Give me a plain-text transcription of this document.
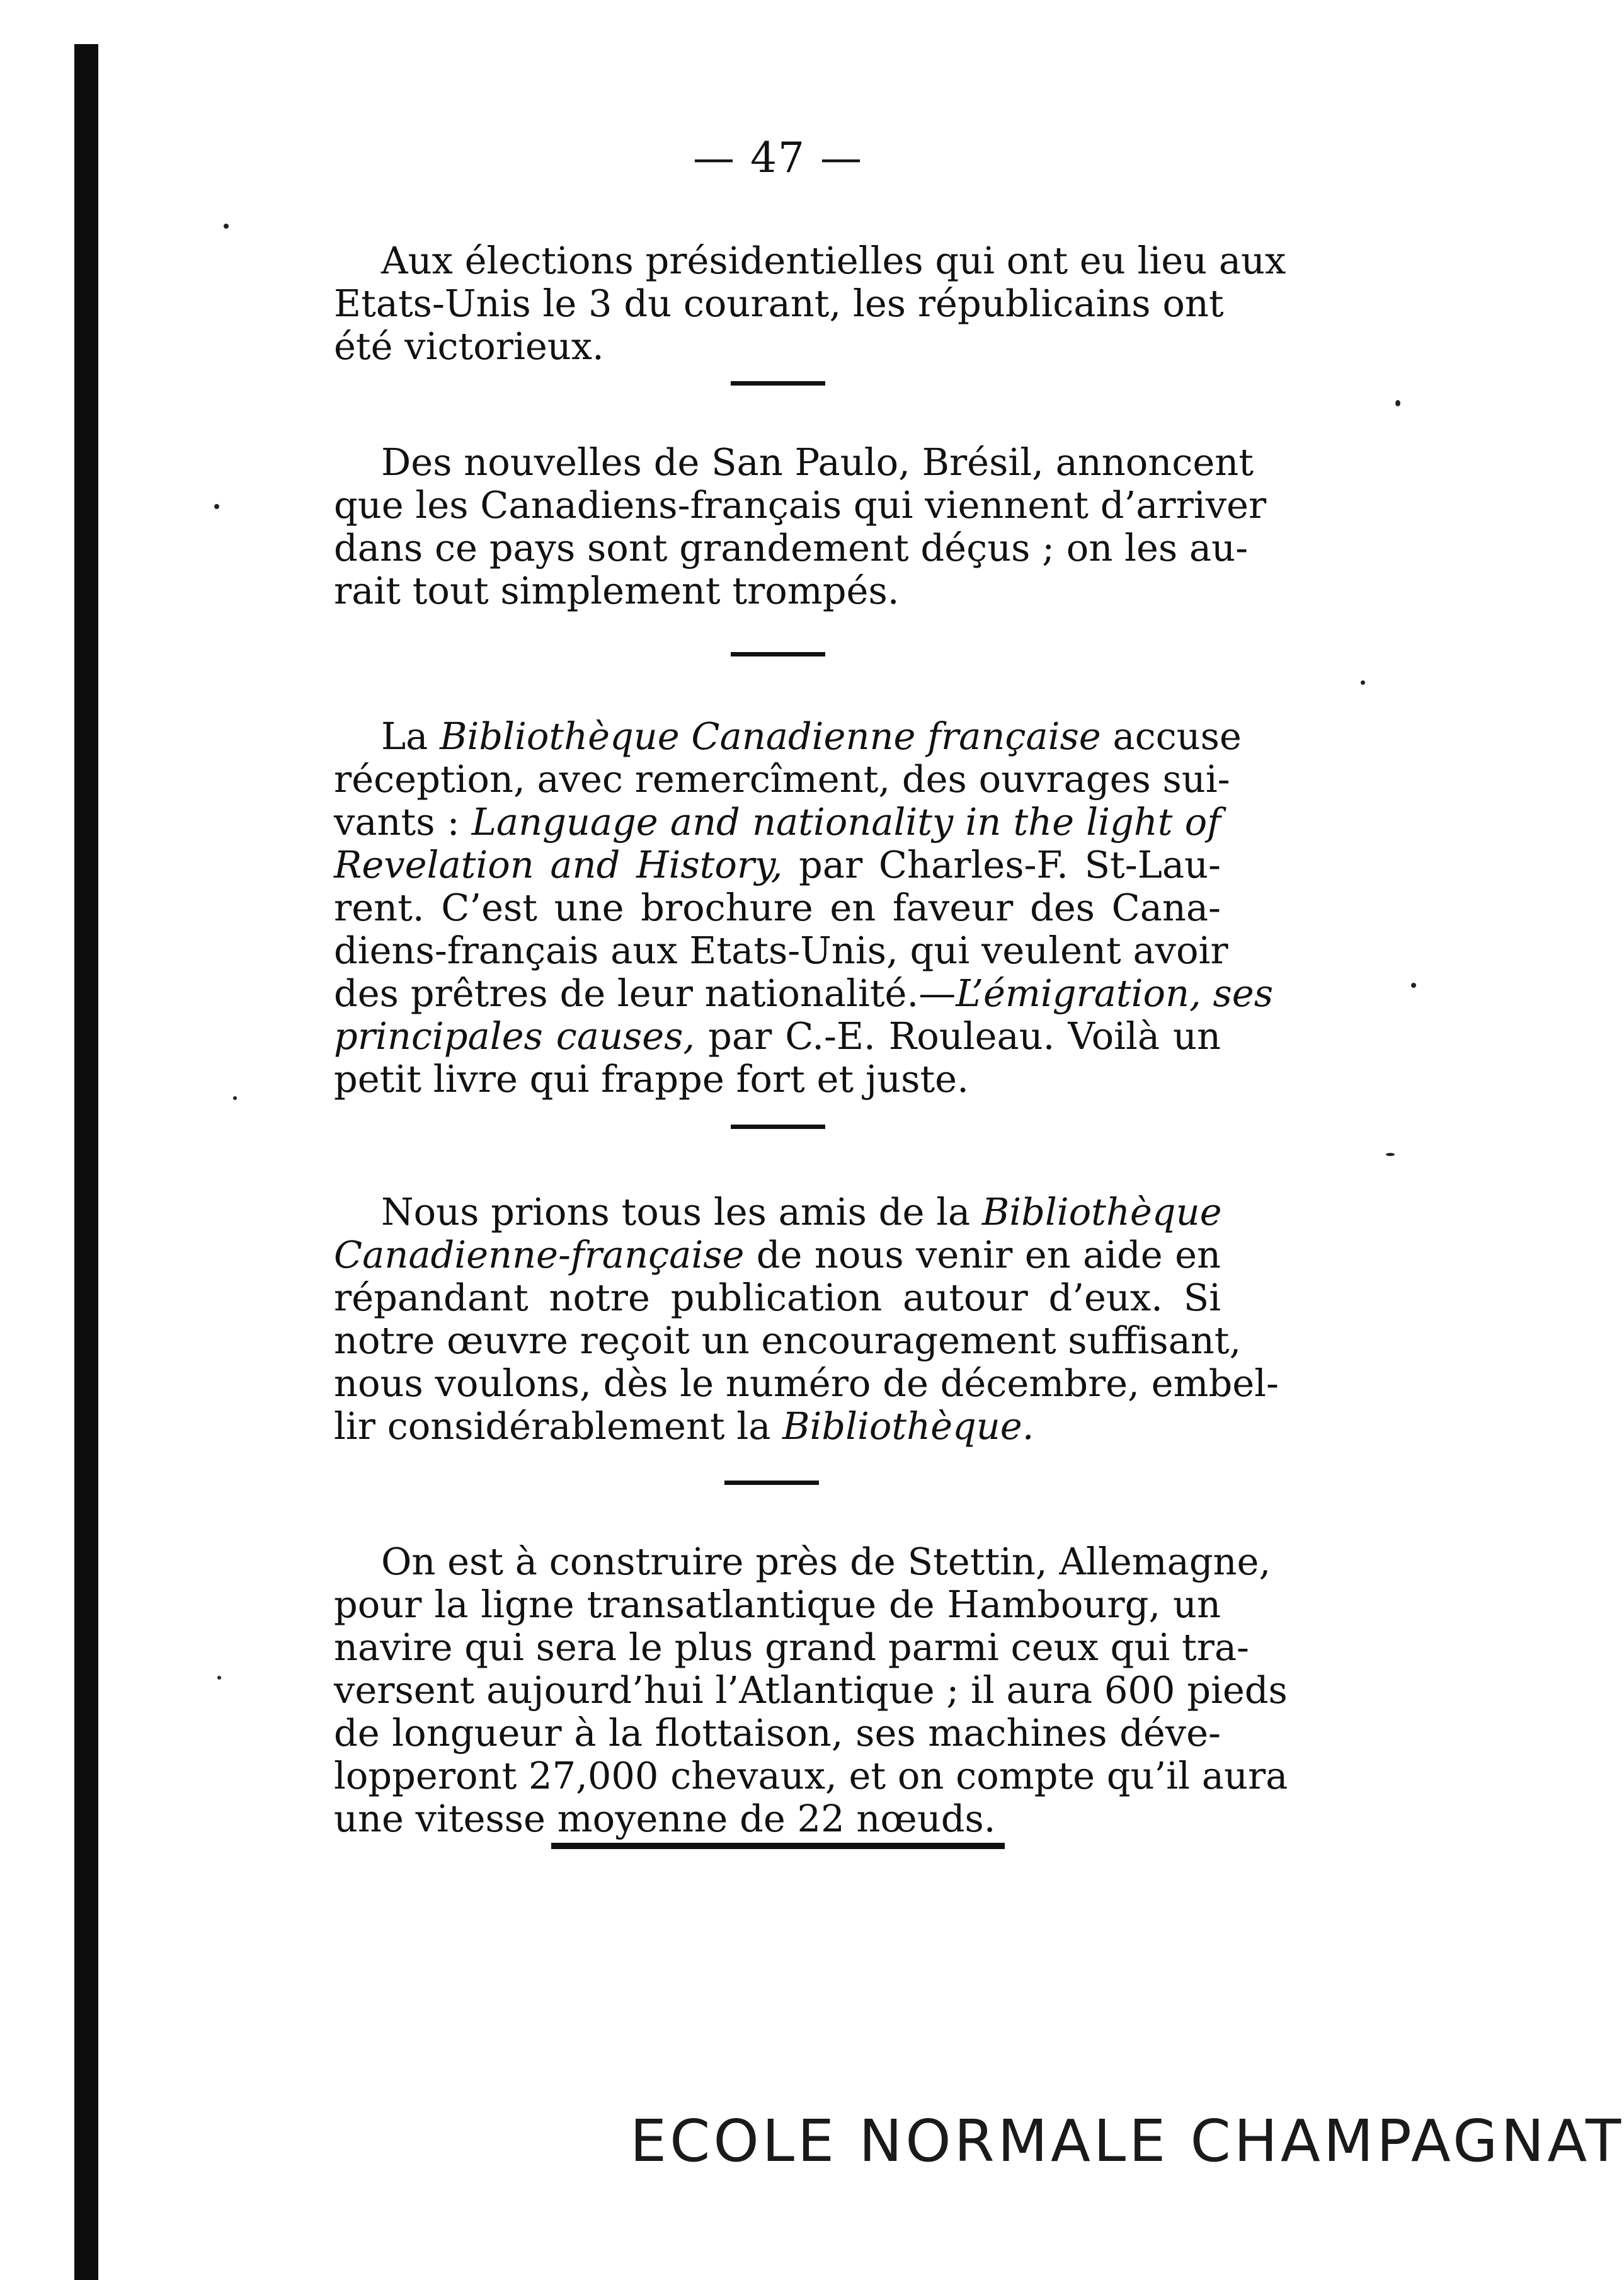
— 47 —
Aux élections présidentielles qui ont eu lieu aux
Etats-Unis le 3 du courant, les républicains ont
été victorieux.
Des nouvelles de San Paulo, Brésil, annoncent
que les Canadiens-français qui viennent d’arriver
dans ce pays sont grandement déçus ; on les au-
rait tout simplement trompés.
La Bibliothèque Canadienne française accuse
réception, avec remercîment, des ouvrages sui-
vants : Language and nationality in the light of
Revelation and History, par Charles-F. St-Lau-
rent. C’est une brochure en faveur des Cana-
diens-français aux Etats-Unis, qui veulent avoir
des prêtres de leur nationalité.—L’émigration, ses
principales causes, par C.-E. Rouleau. Voilà un
petit livre qui frappe fort et juste.
Nous prions tous les amis de la Bibliothèque
Canadienne-française de nous venir en aide en
répandant notre publication autour d’eux. Si
notre œuvre reçoit un encouragement suffisant,
nous voulons, dès le numéro de décembre, embel-
lir considérablement la Bibliothèque.
On est à construire près de Stettin, Allemagne,
pour la ligne transatlantique de Hambourg, un
navire qui sera le plus grand parmi ceux qui tra-
versent aujourd’hui l’Atlantique ; il aura 600 pieds
de longueur à la flottaison, ses machines déve-
lopperont 27,000 chevaux, et on compte qu’il aura
une vitesse moyenne de 22 nœuds.
ECOLE NORMALE CHAMPAGNAT
